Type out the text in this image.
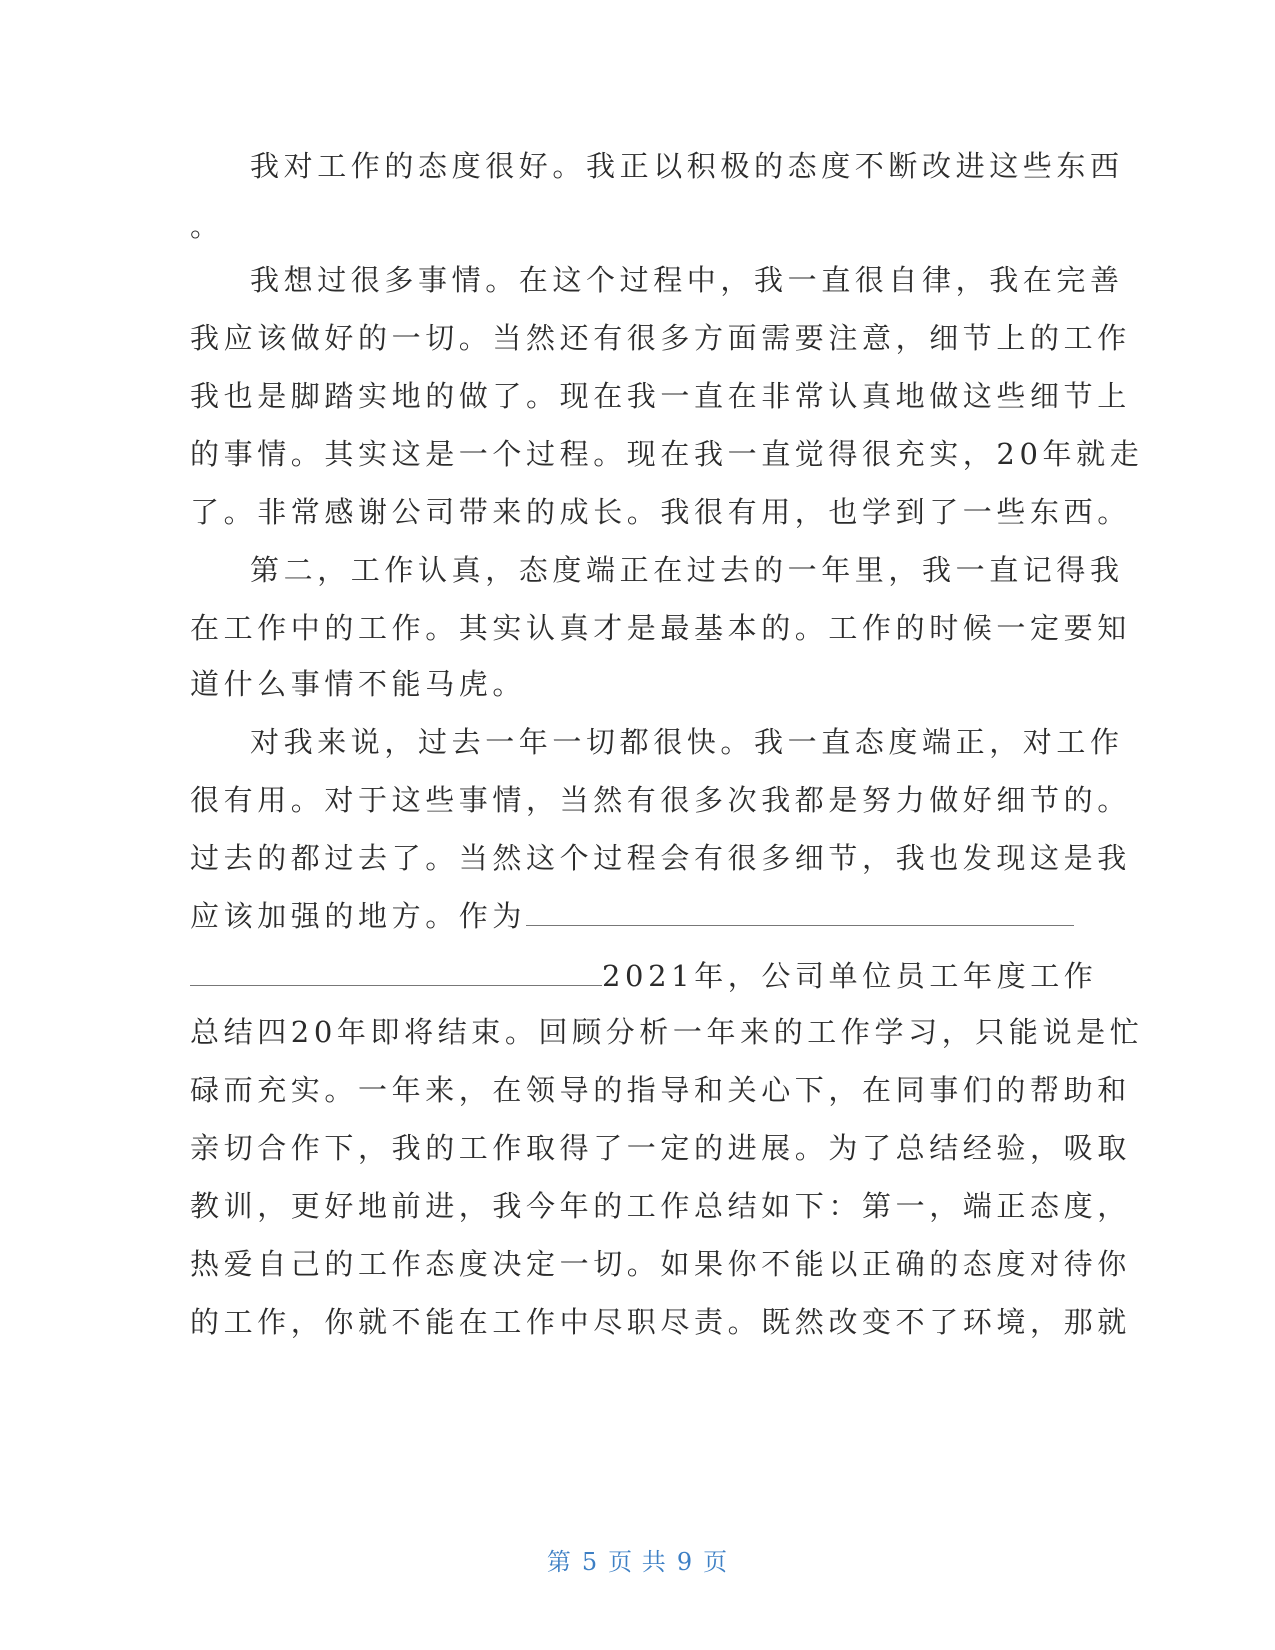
我对工作的态度很好。我正以积极的态度不断改进这些东西
。
我想过很多事情。在这个过程中，我一直很自律，我在完善
我应该做好的一切。当然还有很多方面需要注意，细节上的工作
我也是脚踏实地的做了。现在我一直在非常认真地做这些细节上
的事情。其实这是一个过程。现在我一直觉得很充实，20年就走
了。非常感谢公司带来的成长。我很有用，也学到了一些东西。
第二，工作认真，态度端正在过去的一年里，我一直记得我
在工作中的工作。其实认真才是最基本的。工作的时候一定要知
道什么事情不能马虎。
对我来说，过去一年一切都很快。我一直态度端正，对工作
很有用。对于这些事情，当然有很多次我都是努力做好细节的。
过去的都过去了。当然这个过程会有很多细节，我也发现这是我
应该加强的地方。作为
2021年，公司单位员工年度工作
总结四20年即将结束。回顾分析一年来的工作学习，只能说是忙
碌而充实。一年来，在领导的指导和关心下，在同事们的帮助和
亲切合作下，我的工作取得了一定的进展。为了总结经验，吸取
教训，更好地前进，我今年的工作总结如下：第一，端正态度，
热爱自己的工作态度决定一切。如果你不能以正确的态度对待你
的工作，你就不能在工作中尽职尽责。既然改变不了环境，那就
第 5 页 共 9 页
